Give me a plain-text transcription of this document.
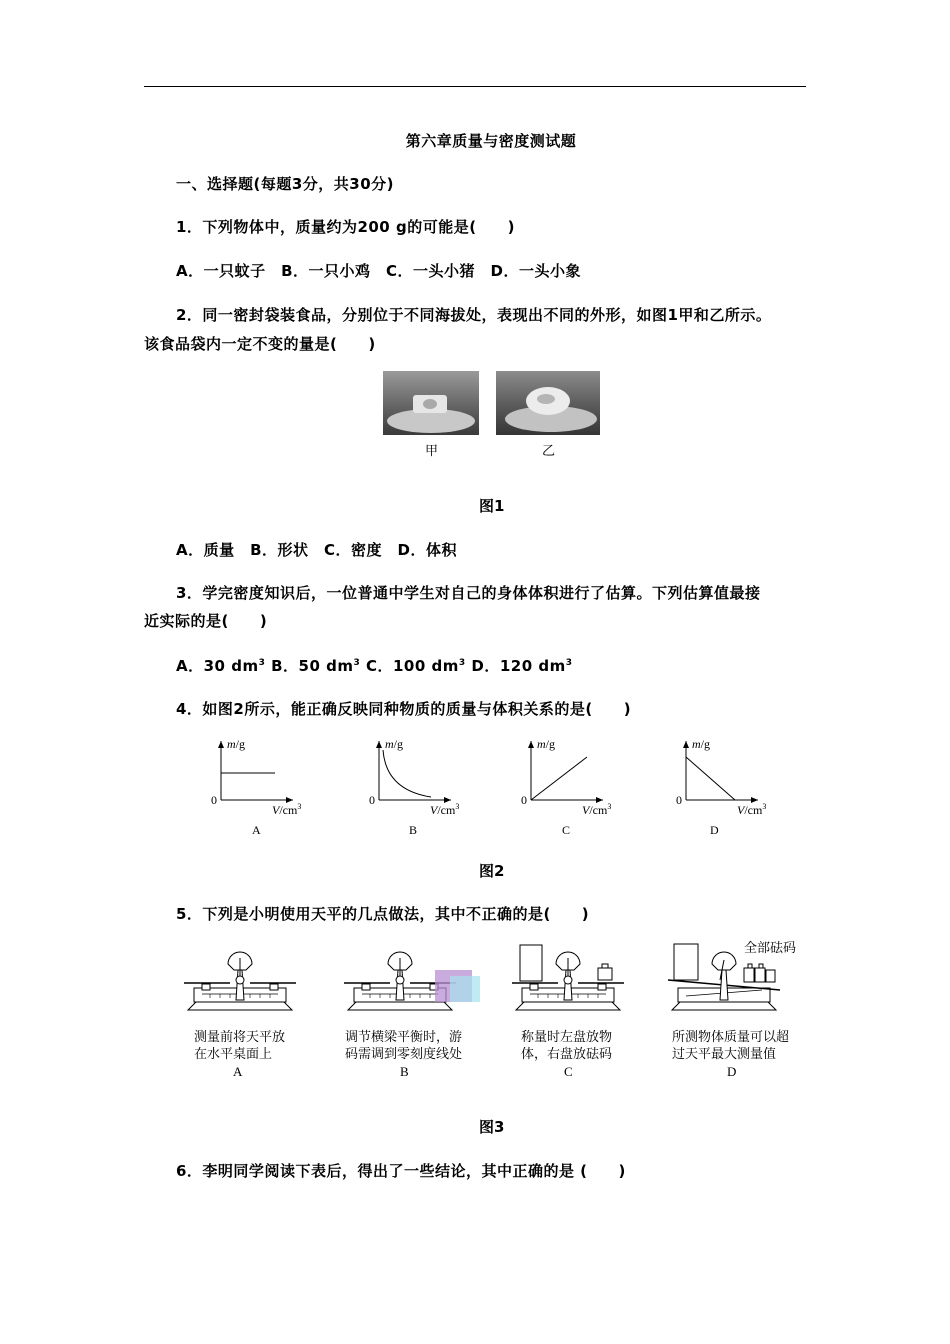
第六章质量与密度测试题
一、选择题(每题3分，共30分)
1．下列物体中，质量约为200 g的可能是(　　)
A．一只蚊子　B．一只小鸡　C．一头小猪　D．一头小象
2．同一密封袋装食品，分别位于不同海拔处，表现出不同的外形，如图1甲和乙所示。
该食品袋内一定不变的量是(　　)
甲	乙
图1
A．质量　B．形状　C．密度　D．体积
3．学完密度知识后，一位普通中学生对自己的身体体积进行了估算。下列估算值最接
近实际的是(　　)
A．30 $dm^3$ B．50 $dm^3$ C．100 $dm^3$ D．120 $dm^3$
4．如图2所示，能正确反映同种物质的质量与体积关系的是(　　)
m/g
0
$V/cm^3$
A
m/g
0
$V/cm^3$
B
m/g
0
$V/cm^3$
C
m/g
0
$V/cm^3$
D
图2
5．下列是小明使用天平的几点做法，其中不正确的是(　　)
全部砝码
测量前将天平放
在水平桌面上
A
调节横梁平衡时，游
码需调到零刻度线处
B
称量时左盘放物
体，右盘放砝码
C
所测物体质量可以超
过天平最大测量值
D
图3
6．李明同学阅读下表后，得出了一些结论，其中正确的是 (　　)
